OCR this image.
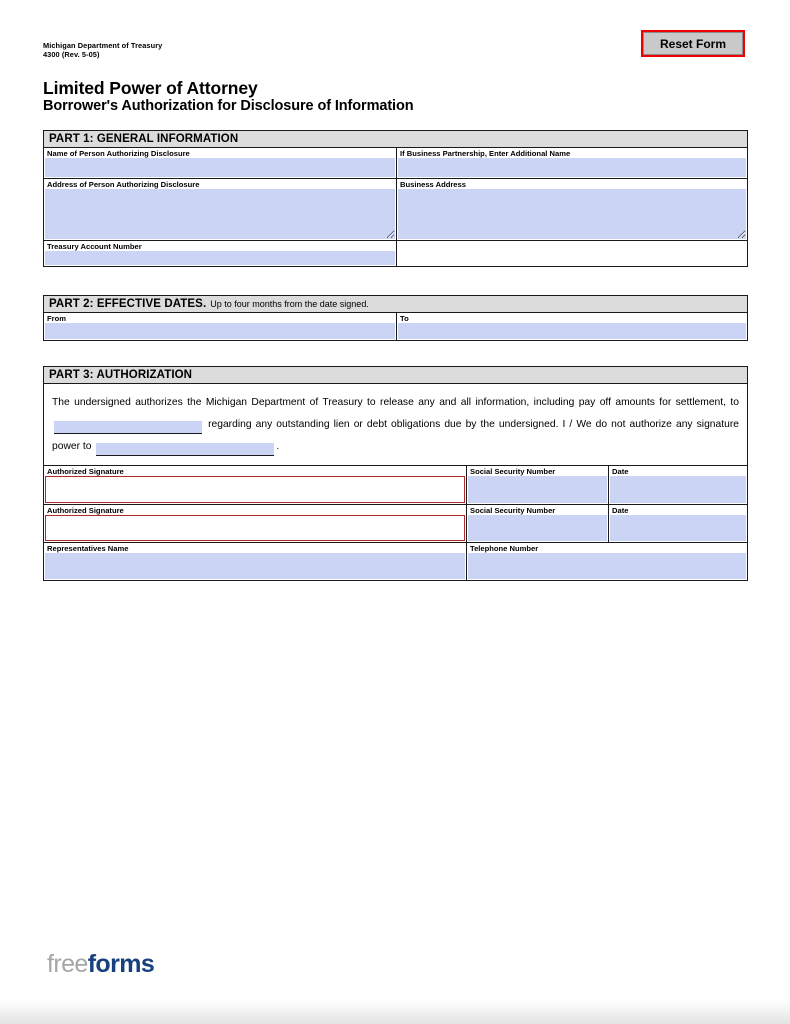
Michigan Department of Treasury
4300 (Rev. 5-05)
Reset Form
Limited Power of Attorney
Borrower's Authorization for Disclosure of Information
PART 1: GENERAL INFORMATION
Name of Person Authorizing Disclosure	If Business Partnership, Enter Additional Name
Address of Person Authorizing Disclosure	Business Address
Treasury Account Number
PART 2: EFFECTIVE DATES. Up to four months from the date signed.
From	To
PART 3: AUTHORIZATION
The undersigned authorizes the Michigan Department of Treasury to release any and all information, including pay off amounts for settlement, to  regarding any outstanding lien or debt obligations due by the undersigned. I / We do not authorize any signature power to	.
Authorized Signature	Social Security Number	Date
Authorized Signature	Social Security Number	Date
Representatives Name	Telephone Number
freeforms
